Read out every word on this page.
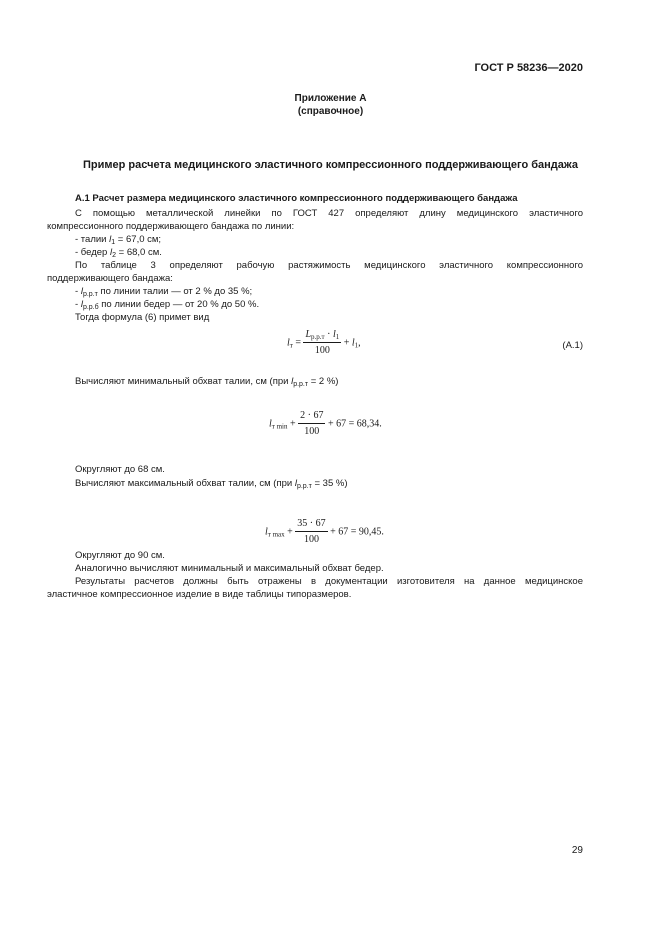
ГОСТ Р 58236—2020
Приложение А
(справочное)
Пример расчета медицинского эластичного компрессионного поддерживающего бандажа
А.1 Расчет размера медицинского эластичного компрессионного поддерживающего бандажа
С помощью металлической линейки по ГОСТ 427 определяют длину медицинского эластичного
компрессионного поддерживающего бандажа по линии:
- талии $l_1 = 67,0$ см;
- бедер $l_2 = 68,0$ см.
По таблице 3 определяют рабочую растяжимость медицинского эластичного компрессионного
поддерживающего бандажа:
- $l_{р.р.т}$ по линии талии — от 2 % до 35 %;
- $l_{р.р.б}$ по линии бедер — от 20 % до 50 %.
Тогда формула (6) примет вид
$l_т = \frac{L_{р.р.т} \cdot l_1}{100} + l_1$,	(А.1)
Вычисляют минимальный обхват талии, см (при $l_{р.р.т} = 2$ %)
$l_{т min} + \frac{2 \cdot 67}{100} + 67 = 68,34$.
Округляют до 68 см.
Вычисляют максимальный обхват талии, см (при $l_{р.р.т} = 35$ %)
$l_{т max} + \frac{35 \cdot 67}{100} + 67 = 90,45$.
Округляют до 90 см.
Аналогично вычисляют минимальный и максимальный обхват бедер.
Результаты расчетов должны быть отражены в документации изготовителя на данное медицинское
эластичное компрессионное изделие в виде таблицы типоразмеров.
29
